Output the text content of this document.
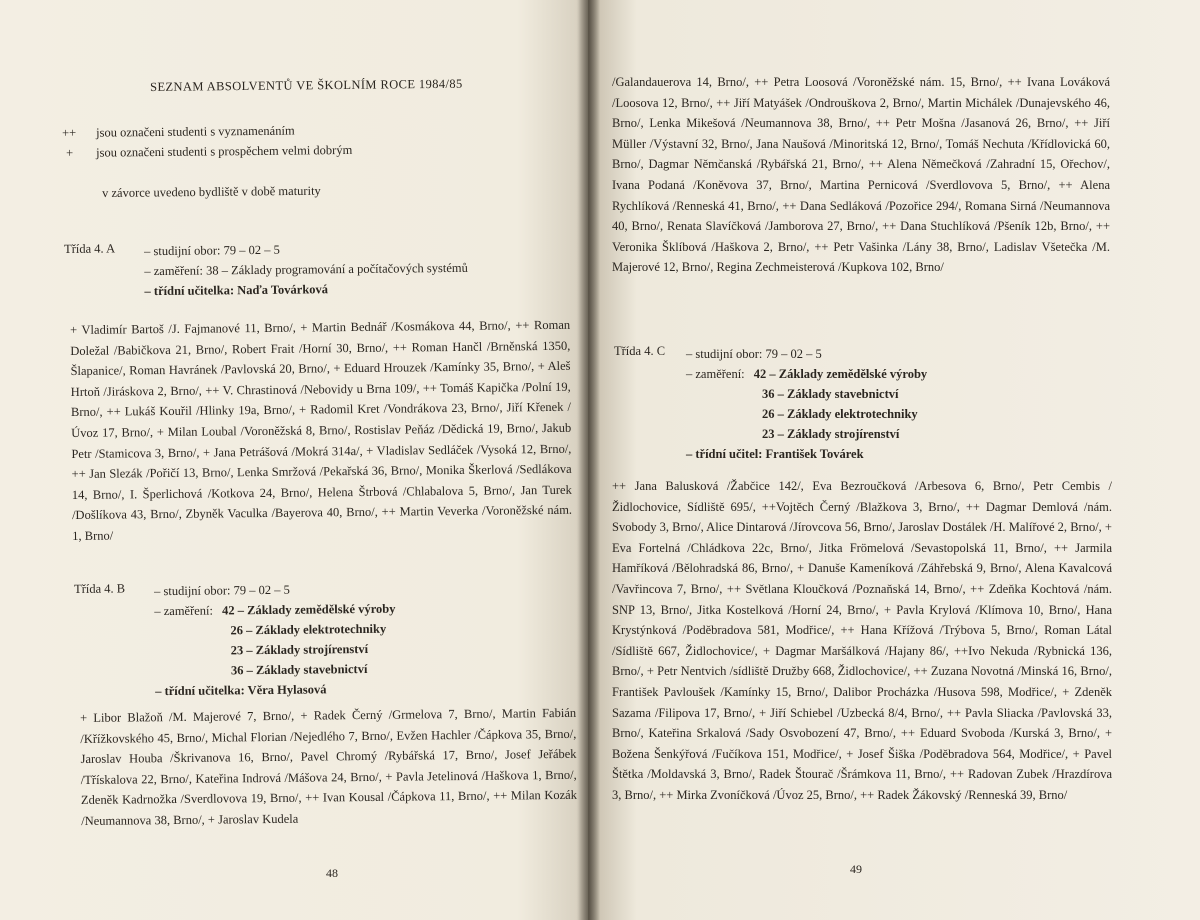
SEZNAM ABSOLVENTŮ VE ŠKOLNÍM ROCE 1984/85
++ jsou označeni studenti s vyznamenáním
+ jsou označeni studenti s prospěchem velmi dobrým
v závorce uvedeno bydliště v době maturity
Třída 4. A – studijní obor: 79 – 02 – 5
– zaměření: 38 – Základy programování a počítačových systémů
– třídní učitelka: Naďa Továrková
+ Vladimír Bartoš /J. Fajmanové 11, Brno/, + Martin Bednář /Kosmákova 44, Brno/, ++ Roman Doležal /Babičkova 21, Brno/, Robert Frait /Horní 30, Brno/, ++ Roman Hančl /Brněnská 1350, Šlapanice/, Roman Havránek /Pavlovská 20, Brno/, + Eduard Hrouzek /Kamínky 35, Brno/, + Aleš Hrtoň /Jiráskova 2, Brno/, ++ V. Chrastinová /Nebovidy u Brna 109/, ++ Tomáš Kapička /Polní 19, Brno/, ++ Lukáš Kouřil /Hlinky 19a, Brno/, + Radomil Kret /Vondrákova 23, Brno/, Jiří Křenek /Úvoz 17, Brno/, + Milan Loubal /Voroněžská 8, Brno/, Rostislav Peňáz /Dědická 19, Brno/, Jakub Petr /Stamicova 3, Brno/, + Jana Petrášová /Mokrá 314a/, + Vladislav Sedláček /Vysoká 12, Brno/, ++ Jan Slezák /Pořičí 13, Brno/, Lenka Smržová /Pekařská 36, Brno/, Monika Škerlová /Sedlákova 14, Brno/, I. Šperlichová /Kotkova 24, Brno/, Helena Štrbová /Chlabalova 5, Brno/, Jan Turek /Došlíkova 43, Brno/, Zbyněk Vaculka /Bayerova 40, Brno/, ++ Martin Veverka /Voroněžské nám. 1, Brno/
Třída 4. B – studijní obor: 79 – 02 – 5
– zaměření: 42 – Základy zemědělské výroby
26 – Základy elektrotechniky
23 – Základy strojírenství
36 – Základy stavebnictví
– třídní učitelka: Věra Hylasová
+ Libor Blažoň /M. Majerové 7, Brno/, + Radek Černý /Grmelova 7, Brno/, Martin Fabián /Křížkovského 45, Brno/, Michal Florian /Nejedlého 7, Brno/, Evžen Hachler /Čápkova 35, Brno/, Jaroslav Houba /Škrivanova 16, Brno/, Pavel Chromý /Rybářská 17, Brno/, Josef Jeřábek /Třískalova 22, Brno/, Kateřina Indrová /Mášova 24, Brno/, + Pavla Jetelinová /Haškova 1, Brno/, Zdeněk Kadrnožka /Sverdlovova 19, Brno/, ++ Ivan Kousal /Čápkova 11, Brno/, ++ Milan Kozák /Neumannova 38, Brno/, + Jaroslav Kudela
48
/Galandauerova 14, Brno/, ++ Petra Loosová /Voroněžské nám. 15, Brno/, ++ Ivana Lováková /Loosova 12, Brno/, ++ Jiří Matyášek /Ondrouškova 2, Brno/, Martin Michálek /Dunajevského 46, Brno/, Lenka Mikešová /Neumannova 38, Brno/, ++ Petr Mošna /Jasanová 26, Brno/, ++ Jiří Müller /Výstavní 32, Brno/, Jana Naušová /Minoritská 12, Brno/, Tomáš Nechuta /Křídlovická 60, Brno/, Dagmar Němčanská /Rybářská 21, Brno/, ++ Alena Němečková /Zahradní 15, Ořechov/, Ivana Podaná /Koněvova 37, Brno/, Martina Pernicová /Sverdlovova 5, Brno/, ++ Alena Rychlíková /Renneská 41, Brno/, ++ Dana Sedláková /Pozořice 294/, Romana Sirná /Neumannova 40, Brno/, Renata Slavíčková /Jamborova 27, Brno/, ++ Dana Stuchlíková /Pšeník 12b, Brno/, ++ Veronika Šklíbová /Haškova 2, Brno/, ++ Petr Vašinka /Lány 38, Brno/, Ladislav Všetečka /M. Majerové 12, Brno/, Regina Zechmeisterová /Kupkova 102, Brno/
Třída 4. C – studijní obor: 79 – 02 – 5
– zaměření: 42 – Základy zemědělské výroby
36 – Základy stavebnictví
26 – Základy elektrotechniky
23 – Základy strojírenství
– třídní učitel: František Továrek
++ Jana Balusková /Žabčice 142/, Eva Bezroučková /Arbesova 6, Brno/, Petr Cembis /Židlochovice, Sídliště 695/, ++Vojtěch Černý /Blažkova 3, Brno/, ++ Dagmar Demlová /nám. Svobody 3, Brno/, Alice Dintarová /Jírovcova 56, Brno/, Jaroslav Dostálek /H. Malířové 2, Brno/, + Eva Fortelná /Chládkova 22c, Brno/, Jitka Frömelová /Sevastopolská 11, Brno/, ++ Jarmila Hamříková /Bělohradská 86, Brno/, + Danuše Kameníková /Záhřebská 9, Brno/, Alena Kavalcová /Vavřincova 7, Brno/, ++ Světlana Kloučková /Poznaňská 14, Brno/, ++ Zdeňka Kochtová /nám. SNP 13, Brno/, Jitka Kostelková /Horní 24, Brno/, + Pavla Krylová /Klímova 10, Brno/, Hana Krystýnková /Poděbradova 581, Modřice/, ++ Hana Křížová /Trýbova 5, Brno/, Roman Látal /Sídliště 667, Židlochovice/, + Dagmar Maršálková /Hajany 86/, ++Ivo Nekuda /Rybnická 136, Brno/, + Petr Nentvich /sídliště Družby 668, Židlochovice/, ++ Zuzana Novotná /Minská 16, Brno/, František Pavloušek /Kamínky 15, Brno/, Dalibor Procházka /Husova 598, Modřice/, + Zdeněk Sazama /Filipova 17, Brno/, + Jiří Schiebel /Uzbecká 8/4, Brno/, ++ Pavla Sliacka /Pavlovská 33, Brno/, Kateřina Srkalová /Sady Osvobození 47, Brno/, ++ Eduard Svoboda /Kurská 3, Brno/, + Božena Šenkýřová /Fučíkova 151, Modřice/, + Josef Šiška /Poděbradova 564, Modřice/, + Pavel Štětka /Moldavská 3, Brno/, Radek Štourač /Šrámkova 11, Brno/, ++ Radovan Zubek /Hrazdírova 3, Brno/, ++ Mirka Zvoníčková /Úvoz 25, Brno/, ++ Radek Žákovský /Renneská 39, Brno/
49
